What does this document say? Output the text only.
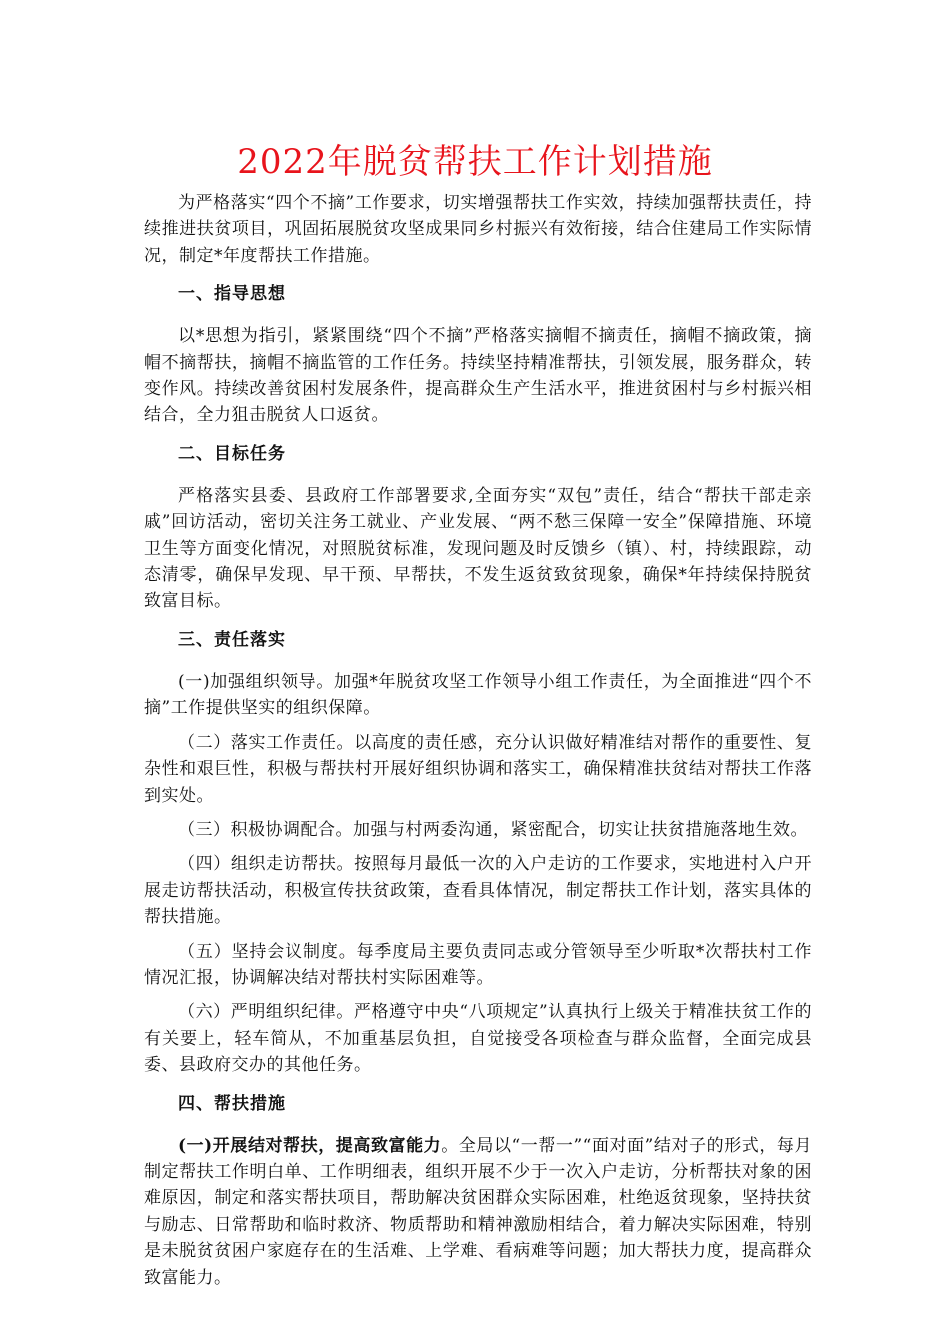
2022年脱贫帮扶工作计划措施

为严格落实“四个不摘”工作要求，切实增强帮扶工作实效，持续加强帮扶责任，持续推进扶贫项目，巩固拓展脱贫攻坚成果同乡村振兴有效衔接，结合住建局工作实际情况，制定*年度帮扶工作措施。

一、指导思想

以*思想为指引，紧紧围绕“四个不摘”严格落实摘帽不摘责任，摘帽不摘政策，摘帽不摘帮扶，摘帽不摘监管的工作任务。持续坚持精准帮扶，引领发展，服务群众，转变作风。持续改善贫困村发展条件，提高群众生产生活水平，推进贫困村与乡村振兴相结合，全力狙击脱贫人口返贫。

二、目标任务

严格落实县委、县政府工作部署要求,全面夯实“双包”责任，结合“帮扶干部走亲戚”回访活动，密切关注务工就业、产业发展、“两不愁三保障一安全”保障措施、环境卫生等方面变化情况，对照脱贫标准，发现问题及时反馈乡（镇）、村，持续跟踪，动态清零，确保早发现、早干预、早帮扶，不发生返贫致贫现象，确保*年持续保持脱贫致富目标。

三、责任落实

(一)加强组织领导。加强*年脱贫攻坚工作领导小组工作责任，为全面推进“四个不摘”工作提供坚实的组织保障。

（二）落实工作责任。以高度的责任感，充分认识做好精准结对帮作的重要性、复杂性和艰巨性，积极与帮扶村开展好组织协调和落实工，确保精准扶贫结对帮扶工作落到实处。

（三）积极协调配合。加强与村两委沟通，紧密配合，切实让扶贫措施落地生效。

（四）组织走访帮扶。按照每月最低一次的入户走访的工作要求，实地进村入户开展走访帮扶活动，积极宣传扶贫政策，查看具体情况，制定帮扶工作计划，落实具体的帮扶措施。

（五）坚持会议制度。每季度局主要负责同志或分管领导至少听取*次帮扶村工作情况汇报，协调解决结对帮扶村实际困难等。

（六）严明组织纪律。严格遵守中央“八项规定”认真执行上级关于精准扶贫工作的有关要上，轻车简从，不加重基层负担，自觉接受各项检查与群众监督，全面完成县委、县政府交办的其他任务。

四、帮扶措施

(一)开展结对帮扶，提高致富能力。全局以“一帮一”“面对面”结对子的形式，每月制定帮扶工作明白单、工作明细表，组织开展不少于一次入户走访，分析帮扶对象的困难原因，制定和落实帮扶项目，帮助解决贫困群众实际困难，杜绝返贫现象，坚持扶贫与励志、日常帮助和临时救济、物质帮助和精神激励相结合，着力解决实际困难，特别是未脱贫贫困户家庭存在的生活难、上学难、看病难等问题；加大帮扶力度，提高群众致富能力。
